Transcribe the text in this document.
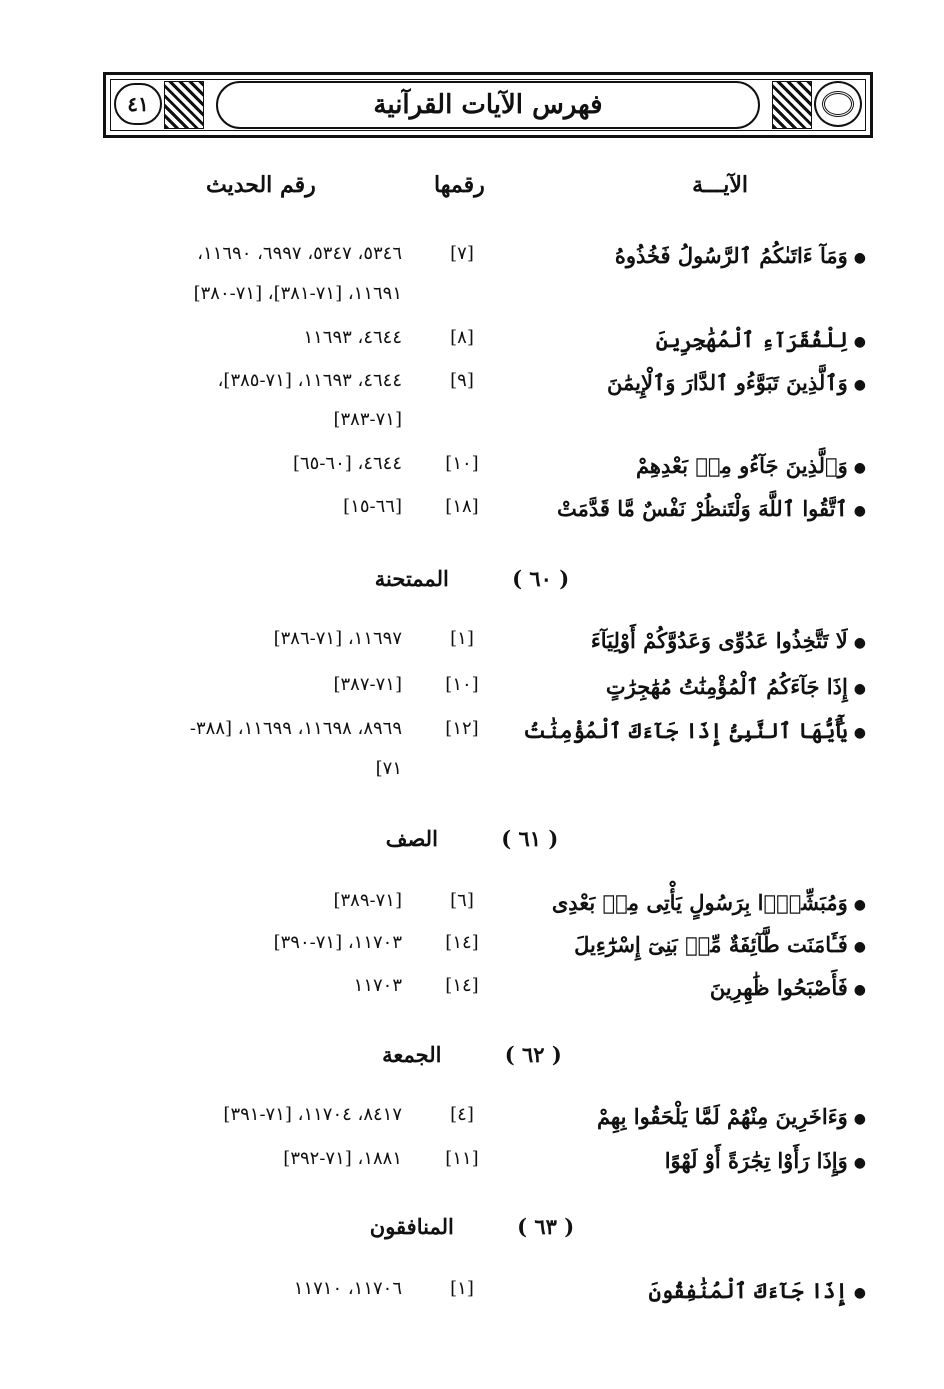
٤١	فهرس الآيات القرآنية
الآيـــة
رقمها
رقم الحديث
●وَمَآ ءَاتَىٰكُمُ ٱلرَّسُولُ فَخُذُوهُ
[٧]
٥٣٤٦، ٥٣٤٧، ٦٩٩٧، ١١٦٩٠،
١١٦٩١، [٧١-٣٨١]، [٧١-٣٨٠]
●لِلْفُقَرَآءِ ٱلْمُهَٰجِرِينَ
[٨]
٤٦٤٤، ١١٦٩٣
●وَٱلَّذِينَ تَبَوَّءُو ٱلدَّارَ وَٱلْإِيمَٰنَ
[٩]
٤٦٤٤، ١١٦٩٣، [٧١-٣٨٥]،
[٧١-٣٨٣]
●وَٱلَّذِينَ جَآءُو مِنۢ بَعْدِهِمْ
[١٠]
٤٦٤٤، [٦٠-٦٥]
●ٱتَّقُوا ٱللَّهَ وَلْتَنظُرْ نَفْسٌ مَّا قَدَّمَتْ
[١٨]
[٦٦-١٥]
( ٦٠ ) الممتحنة
●لَا تَتَّخِذُوا عَدُوِّى وَعَدُوَّكُمْ أَوْلِيَآءَ
[١]
١١٦٩٧، [٧١-٣٨٦]
●إِذَا جَآءَكُمُ ٱلْمُؤْمِنَٰتُ مُهَٰجِرَٰتٍ
[١٠]
[٧١-٣٨٧]
●يَٰٓأَيُّهَا ٱلنَّبِىُّ إِذَا جَآءَكَ ٱلْمُؤْمِنَٰتُ
[١٢]
٨٩٦٩، ١١٦٩٨، ١١٦٩٩، [٣٨٨-
٧١]
( ٦١ ) الصف
●وَمُبَشِّرًۢا بِرَسُولٍ يَأْتِى مِنۢ بَعْدِى
[٦]
[٧١-٣٨٩]
●فَـَٔامَنَت طَّآئِفَةٌ مِّنۢ بَنِىٓ إِسْرَٰٓءِيلَ
[١٤]
١١٧٠٣، [٧١-٣٩٠]
●فَأَصْبَحُوا ظَٰهِرِينَ
[١٤]
١١٧٠٣
( ٦٢ ) الجمعة
●وَءَاخَرِينَ مِنْهُمْ لَمَّا يَلْحَقُوا بِهِمْ
[٤]
٨٤١٧، ١١٧٠٤، [٧١-٣٩١]
●وَإِذَا رَأَوْا تِجَٰرَةً أَوْ لَهْوًا
[١١]
١٨٨١، [٧١-٣٩٢]
( ٦٣ ) المنافقون
●إِذَا جَآءَكَ ٱلْمُنَٰفِقُونَ
[١]
١١٧٠٦، ١١٧١٠
